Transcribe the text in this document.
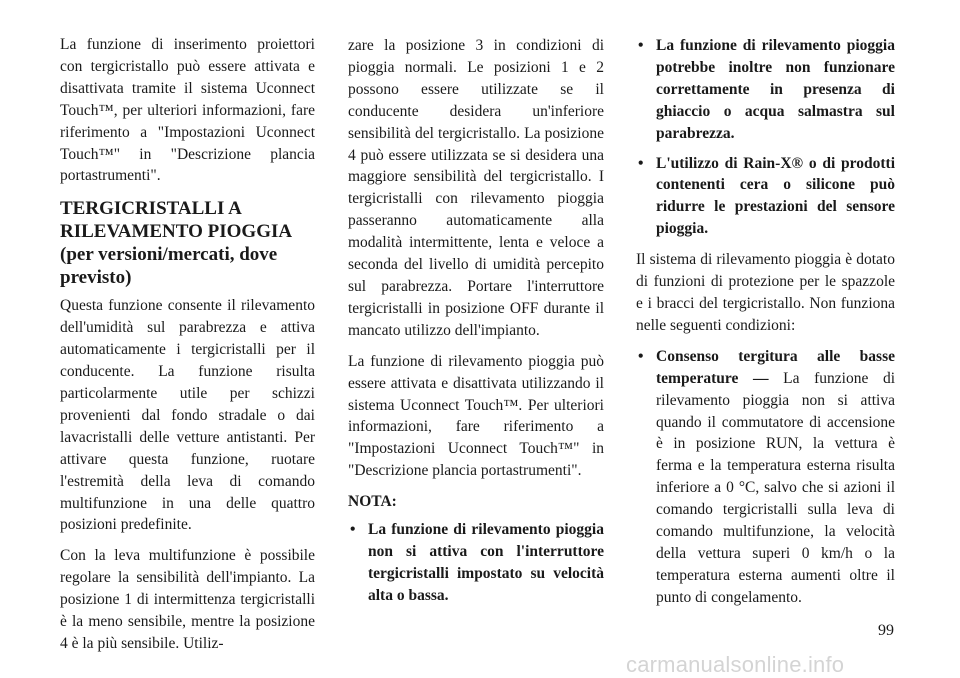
La funzione di inserimento proiettori con tergicristallo può essere attivata e disattivata tramite il sistema Uconnect Touch™, per ulteriori informazioni, fare riferimento a "Impostazioni Uconnect Touch™" in "Descrizione plancia portastrumenti".

TERGICRISTALLI A RILEVAMENTO PIOGGIA (per versioni/mercati, dove previsto)

Questa funzione consente il rilevamento dell'umidità sul parabrezza e attiva automaticamente i tergicristalli per il conducente. La funzione risulta particolarmente utile per schizzi provenienti dal fondo stradale o dai lavacristalli delle vetture antistanti. Per attivare questa funzione, ruotare l'estremità della leva di comando multifunzione in una delle quattro posizioni predefinite.

Con la leva multifunzione è possibile regolare la sensibilità dell'impianto. La posizione 1 di intermittenza tergicristalli è la meno sensibile, mentre la posizione 4 è la più sensibile. Utiliz-

zare la posizione 3 in condizioni di pioggia normali. Le posizioni 1 e 2 possono essere utilizzate se il conducente desidera un'inferiore sensibilità del tergicristallo. La posizione 4 può essere utilizzata se si desidera una maggiore sensibilità del tergicristallo. I tergicristalli con rilevamento pioggia passeranno automaticamente alla modalità intermittente, lenta e veloce a seconda del livello di umidità percepito sul parabrezza. Portare l'interruttore tergicristalli in posizione OFF durante il mancato utilizzo dell'impianto.

La funzione di rilevamento pioggia può essere attivata e disattivata utilizzando il sistema Uconnect Touch™. Per ulteriori informazioni, fare riferimento a "Impostazioni Uconnect Touch™" in "Descrizione plancia portastrumenti".

NOTA:
• La funzione di rilevamento pioggia non si attiva con l'interruttore tergicristalli impostato su velocità alta o bassa.
• La funzione di rilevamento pioggia potrebbe inoltre non funzionare correttamente in presenza di ghiaccio o acqua salmastra sul parabrezza.
• L'utilizzo di Rain-X® o di prodotti contenenti cera o silicone può ridurre le prestazioni del sensore pioggia.

Il sistema di rilevamento pioggia è dotato di funzioni di protezione per le spazzole e i bracci del tergicristallo. Non funziona nelle seguenti condizioni:

• Consenso tergitura alle basse temperature — La funzione di rilevamento pioggia non si attiva quando il commutatore di accensione è in posizione RUN, la vettura è ferma e la temperatura esterna risulta inferiore a 0 °C, salvo che si azioni il comando tergicristalli sulla leva di comando multifunzione, la velocità della vettura superi 0 km/h o la temperatura esterna aumenti oltre il punto di congelamento.
99
carmanualsonline.info
